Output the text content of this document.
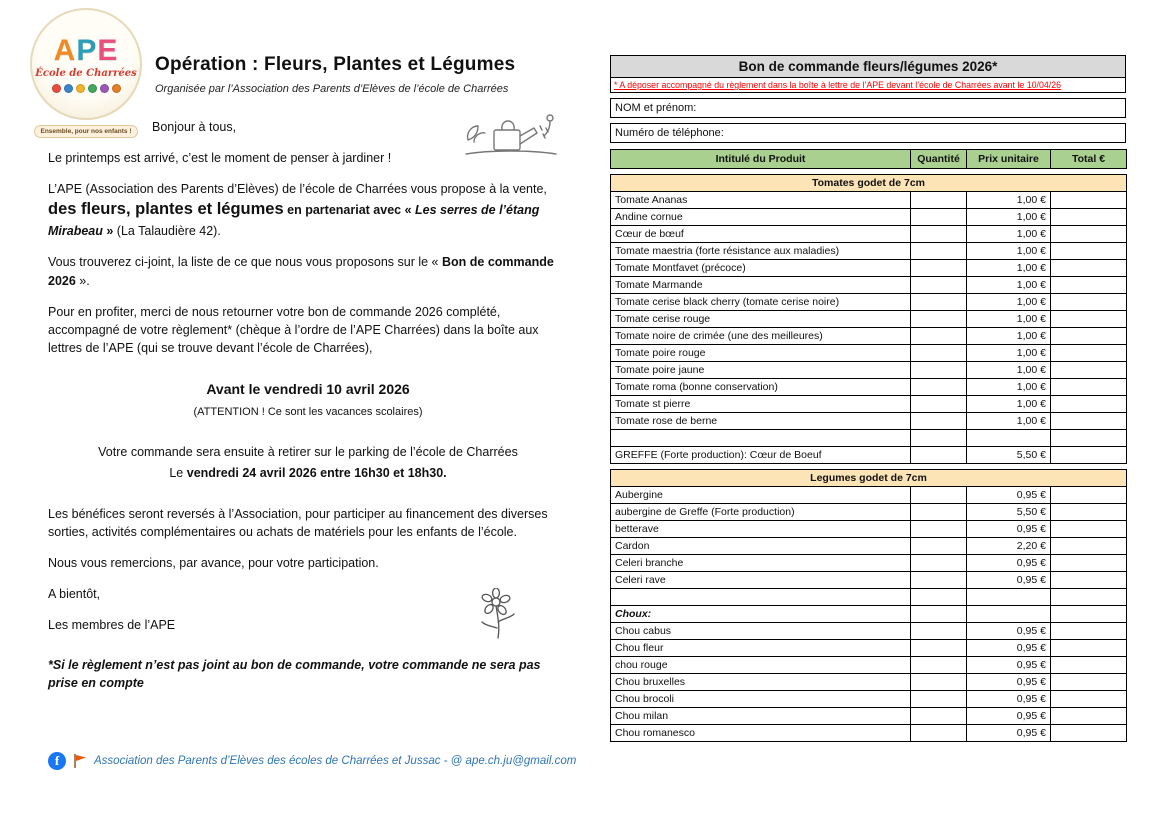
APE
École de Charrées
Ensemble, pour nos enfants !
Opération : Fleurs, Plantes et Légumes
Organisée par l’Association des Parents d’Elèves de l’école de Charrées

Bonjour à tous,

Le printemps est arrivé, c’est le moment de penser à jardiner !

L’APE (Association des Parents d’Elèves) de l’école de Charrées vous propose à la vente, des fleurs, plantes et légumes en partenariat avec « Les serres de l’étang Mirabeau » (La Talaudière 42).

Vous trouverez ci-joint, la liste de ce que nous vous proposons sur le « Bon de commande 2026 ».

Pour en profiter, merci de nous retourner votre bon de commande 2026 complété, accompagné de votre règlement* (chèque à l’ordre de l’APE Charrées) dans la boîte aux lettres de l’APE (qui se trouve devant l’école de Charrées),

Avant le vendredi 10 avril 2026

(ATTENTION ! Ce sont les vacances scolaires)

Votre commande sera ensuite à retirer sur le parking de l’école de Charrées

Le vendredi 24 avril 2026 entre 16h30 et 18h30.

Les bénéfices seront reversés à l’Association, pour participer au financement des diverses sorties, activités complémentaires ou achats de matériels pour les enfants de l’école.

Nous vous remercions, par avance, pour votre participation.

A bientôt,

Les membres de l’APE

*Si le règlement n’est pas joint au bon de commande, votre commande ne sera pas prise en compte

f	Association des Parents d’Elèves des écoles de Charrées et Jussac - @ ape.ch.ju@gmail.com
Bon de commande fleurs/légumes 2026*
* A déposer accompagné du règlement dans la boîte à lettre de l’APE devant l’école de Charrées avant le 10/04/26
NOM et prénom:
Numéro de téléphone:
Intitulé du Produit	Quantité	Prix unitaire	Total €
Tomates godet de 7cm			
Tomate Ananas		1,00 €	
Andine cornue		1,00 €	
Cœur de bœuf		1,00 €	
Tomate maestria (forte résistance aux maladies)		1,00 €	
Tomate Montfavet (précoce)		1,00 €	
Tomate Marmande		1,00 €	
Tomate cerise black cherry (tomate cerise noire)		1,00 €	
Tomate cerise rouge		1,00 €	
Tomate noire de crimée (une des meilleures)		1,00 €	
Tomate poire rouge		1,00 €	
Tomate poire jaune		1,00 €	
Tomate roma (bonne conservation)		1,00 €	
Tomate st pierre		1,00 €	
Tomate rose de berne		1,00 €	

GREFFE (Forte production): Cœur de Boeuf		5,50 €	
Legumes godet de 7cm			
Aubergine		0,95 €	
aubergine de Greffe (Forte production)		5,50 €	
betterave		0,95 €	
Cardon		2,20 €	
Celeri branche		0,95 €	
Celeri rave		0,95 €	

Choux:			
Chou cabus		0,95 €	
Chou fleur		0,95 €	
chou rouge		0,95 €	
Chou bruxelles		0,95 €	
Chou brocoli		0,95 €	
Chou milan		0,95 €	
Chou romanesco		0,95 €	
